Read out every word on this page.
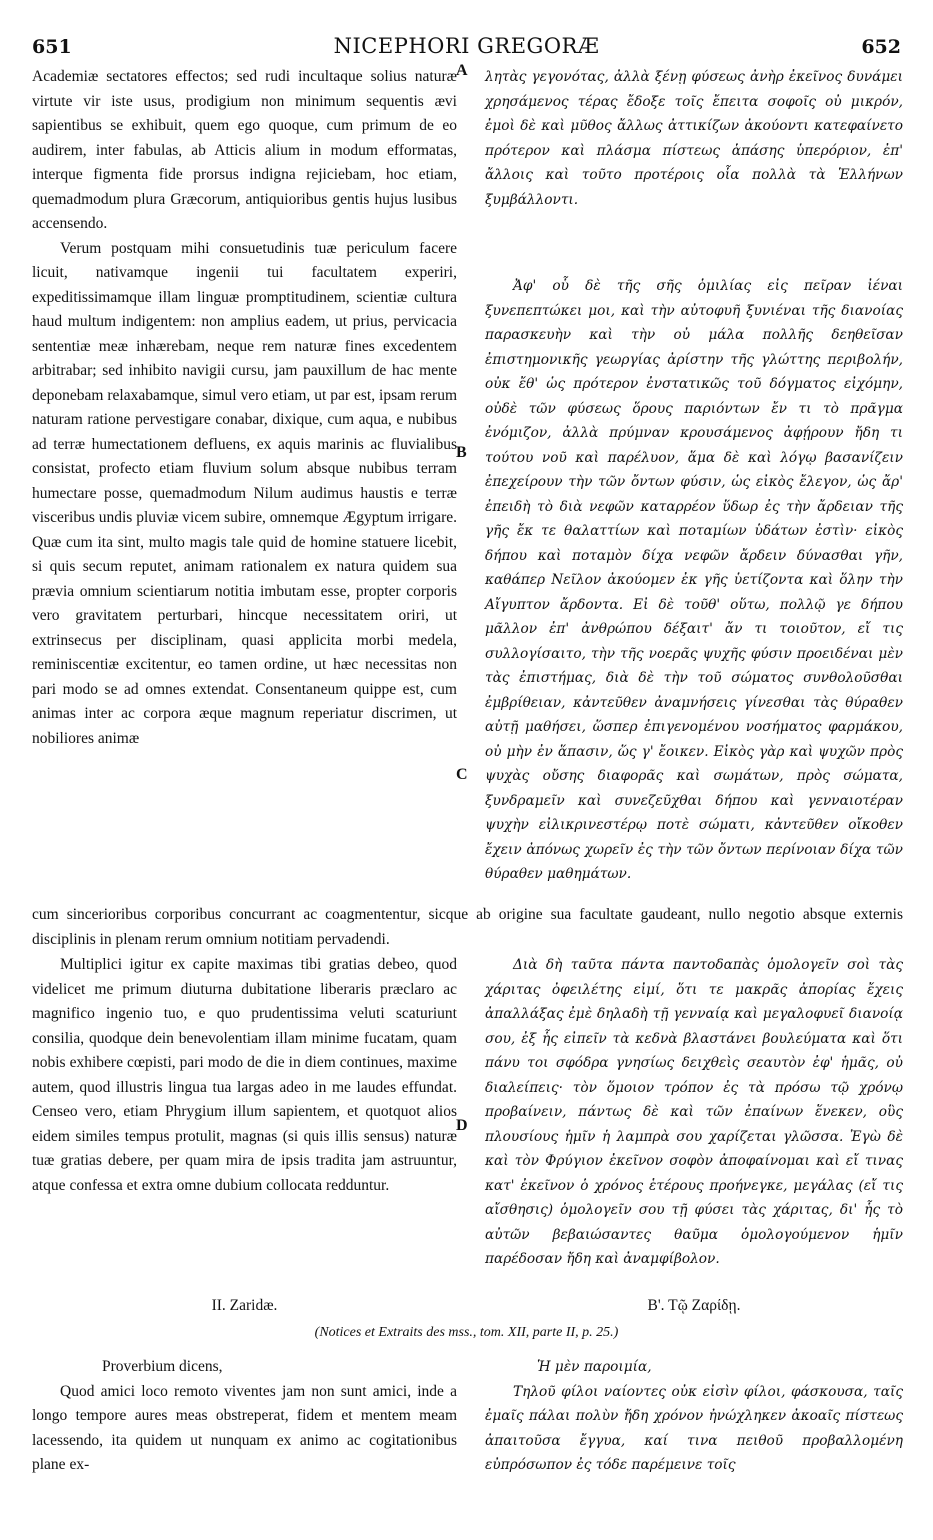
651	NICEPHORI GREGORÆ	652
A
B
C
D

Academiæ sectatores effectos; sed rudi incultaque solius naturæ virtute vir iste usus, prodigium non minimum sequentis ævi sapientibus se exhibuit, quem ego quoque, cum primum de eo audirem, inter fabulas, ab Atticis alium in modum efformatas, interque figmenta fide prorsus indigna rejiciebam, hoc etiam, quemadmodum plura Græcorum, antiquioribus gentis hujus lusibus accensendo.

Verum postquam mihi consuetudinis tuæ periculum facere licuit, nativamque ingenii tui facultatem experiri, expeditissimamque illam linguæ promptitudinem, scientiæ cultura haud multum indigentem: non amplius eadem, ut prius, pervicacia sententiæ meæ inhærebam, neque rem naturæ fines excedentem arbitrabar; sed inhibito navigii cursu, jam pauxillum de hac mente deponebam relaxabamque, simul vero etiam, ut par est, ipsam rerum naturam ratione pervestigare conabar, dixique, cum aqua, e nubibus ad terræ humectationem defluens, ex aquis marinis ac fluvialibus consistat, profecto etiam fluvium solum absque nubibus terram humectare posse, quemadmodum Nilum audimus haustis e terræ visceribus undis pluviæ vicem subire, omnemque Ægyptum irrigare. Quæ cum ita sint, multo magis tale quid de homine statuere licebit, si quis secum reputet, animam rationalem ex natura quidem sua prævia omnium scientiarum notitia imbutam esse, propter corporis vero gravitatem perturbari, hincque necessitatem oriri, ut extrinsecus per disciplinam, quasi applicita morbi medela, reminiscentiæ excitentur, eo tamen ordine, ut hæc necessitas non pari modo se ad omnes extendat. Consentaneum quippe est, cum animas inter ac corpora æque magnum reperiatur discrimen, ut nobiliores animæ

λητὰς γεγονότας, ἀλλὰ ξένῃ φύσεως ἀνὴρ ἐκεῖνος δυνάμει χρησάμενος τέρας ἔδοξε τοῖς ἔπειτα σοφοῖς οὐ μικρόν, ἐμοὶ δὲ καὶ μῦθος ἄλλως ἀττικίζων ἀκούοντι κατεφαίνετο πρότερον καὶ πλάσμα πίστεως ἁπάσης ὑπερόριον, ἐπ' ἄλλοις καὶ τοῦτο προτέροις οἷα πολλὰ τὰ Ἑλλήνων ξυμβάλλοντι.

Ἀφ' οὗ δὲ τῆς σῆς ὁμιλίας εἰς πεῖραν ἰέναι ξυνεπεπτώκει μοι, καὶ τὴν αὐτοφυῆ ξυνιέναι τῆς διανοίας παρασκευὴν καὶ τὴν οὐ μάλα πολλῆς δεηθεῖσαν ἐπιστημονικῆς γεωργίας ἀρίστην τῆς γλώττης περιβολήν, οὐκ ἔθ' ὡς πρότερον ἐνστατικῶς τοῦ δόγματος εἰχόμην, οὐδὲ τῶν φύσεως ὅρους παριόντων ἔν τι τὸ πρᾶγμα ἐνόμιζον, ἀλλὰ πρύμναν κρουσάμενος ἀφῄρουν ἤδη τι τούτου νοῦ καὶ παρέλυον, ἅμα δὲ καὶ λόγῳ βασανίζειν ἐπεχείρουν τὴν τῶν ὄντων φύσιν, ὡς εἰκὸς ἔλεγον, ὡς ἄρ' ἐπειδὴ τὸ διὰ νεφῶν καταρρέον ὕδωρ ἐς τὴν ἄρδειαν τῆς γῆς ἔκ τε θαλαττίων καὶ ποταμίων ὑδάτων ἐστὶν· εἰκὸς δήπου καὶ ποταμὸν δίχα νεφῶν ἄρδειν δύνασθαι γῆν, καθάπερ Νεῖλον ἀκούομεν ἐκ γῆς ὑετίζοντα καὶ ὅλην τὴν Αἴγυπτον ἄρδοντα. Εἰ δὲ τοῦθ' οὕτω, πολλῷ γε δήπου μᾶλλον ἐπ' ἀνθρώπου δέξαιτ' ἄν τι τοιοῦτον, εἴ τις συλλογίσαιτο, τὴν τῆς νοερᾶς ψυχῆς φύσιν προειδέναι μὲν τὰς ἐπιστήμας, διὰ δὲ τὴν τοῦ σώματος συνθολοῦσθαι ἐμβρίθειαν, κἀντεῦθεν ἀναμνήσεις γίνεσθαι τὰς θύραθεν αὐτῇ μαθήσει, ὥσπερ ἐπιγενομένου νοσήματος φαρμάκου, οὐ μὴν ἐν ἅπασιν, ὥς γ' ἔοικεν. Εἰκὸς γὰρ καὶ ψυχῶν πρὸς ψυχὰς οὔσης διαφορᾶς καὶ σωμάτων, πρὸς σώματα, ξυνδραμεῖν καὶ συνεζεῦχθαι δήπου καὶ γενναιοτέραν ψυχὴν εἰλικρινεστέρῳ ποτὲ σώματι, κἀντεῦθεν οἴκοθεν ἔχειν ἀπόνως χωρεῖν ἐς τὴν τῶν ὄντων περίνοιαν δίχα τῶν θύραθεν μαθημάτων.

cum sincerioribus corporibus concurrant ac coagmententur, sicque ab origine sua facultate gaudeant, nullo negotio absque externis disciplinis in plenam rerum omnium notitiam pervadendi.

Multiplici igitur ex capite maximas tibi gratias debeo, quod videlicet me primum diuturna dubitatione liberaris præclaro ac magnifico ingenio tuo, e quo prudentissima veluti scaturiunt consilia, quodque dein benevolentiam illam minime fucatam, quam nobis exhibere cœpisti, pari modo de die in diem continues, maxime autem, quod illustris lingua tua largas adeo in me laudes effundat. Censeo vero, etiam Phrygium illum sapientem, et quotquot alios eidem similes tempus protulit, magnas (si quis illis sensus) naturæ tuæ gratias debere, per quam mira de ipsis tradita jam astruuntur, atque confessa et extra omne dubium collocata redduntur.

Διὰ δὴ ταῦτα πάντα παντοδαπὰς ὁμολογεῖν σοὶ τὰς χάριτας ὀφειλέτης εἰμί, ὅτι τε μακρᾶς ἀπορίας ἔχεις ἀπαλλάξας ἐμὲ δηλαδὴ τῇ γενναίᾳ καὶ μεγαλοφυεῖ διανοίᾳ σου, ἐξ ἧς εἰπεῖν τὰ κεδνὰ βλαστάνει βουλεύματα καὶ ὅτι πάνυ τοι σφόδρα γνησίως δειχθεὶς σεαυτὸν ἐφ' ἡμᾶς, οὐ διαλείπεις· τὸν ὅμοιον τρόπον ἐς τὰ πρόσω τῷ χρόνῳ προβαίνειν, πάντως δὲ καὶ τῶν ἐπαίνων ἕνεκεν, οὓς πλουσίους ἡμῖν ἡ λαμπρὰ σου χαρίζεται γλῶσσα. Ἐγὼ δὲ καὶ τὸν Φρύγιον ἐκεῖνον σοφὸν ἀποφαίνομαι καὶ εἴ τινας κατ' ἐκεῖνον ὁ χρόνος ἑτέρους προήνεγκε, μεγάλας (εἴ τις αἴσθησις) ὁμολογεῖν σου τῇ φύσει τὰς χάριτας, δι' ἧς τὸ αὐτῶν βεβαιώσαντες θαῦμα ὁμολογούμενον ἡμῖν παρέδοσαν ἤδη καὶ ἀναμφίβολον.

II. Zaridæ.	Β'. Τῷ Ζαρίδῃ.
(Notices et Extraits des mss., tom. XII, parte II, p. 25.)

Proverbium dicens,

Quod amici loco remoto viventes jam non sunt amici, inde a longo tempore aures meas obstreperat, fidem et mentem meam lacessendo, ita quidem ut nunquam ex animo ac cogitationibus plane ex-

Ἡ μὲν παροιμία,

Τηλοῦ φίλοι ναίοντες οὐκ εἰσὶν φίλοι, φάσκουσα, ταῖς ἐμαῖς πάλαι πολὺν ἤδη χρόνον ἠνώχληκεν ἀκοαῖς πίστεως ἀπαιτοῦσα ἔγγυα, καί τινα πειθοῦ προβαλλομένη εὐπρόσωπον ἐς τόδε παρέμεινε τοῖς
